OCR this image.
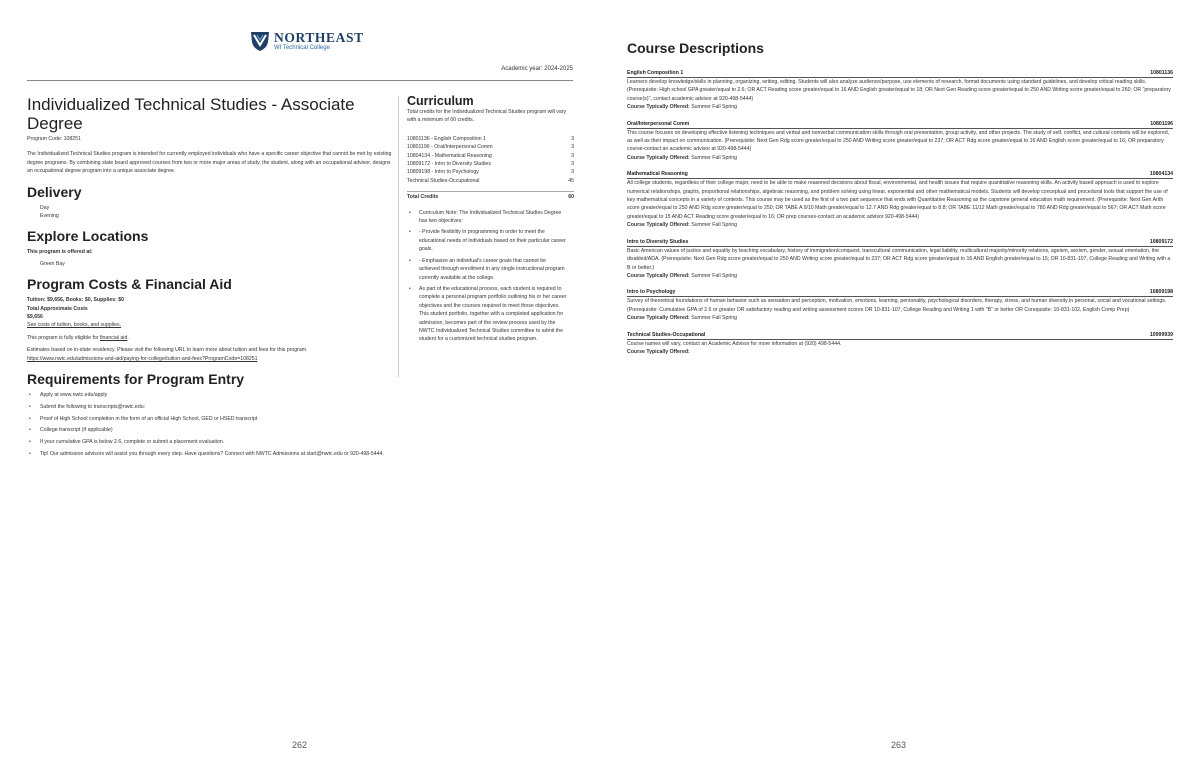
NORTHEAST
WI Technical College
Academic year: 2024-2025
Individualized Technical Studies - Associate Degree
Program Code: 108251

The Individualized Technical Studies program is intended for currently employed individuals who have a specific career objective that cannot be met by existing degree programs. By combining state board approved courses from two or more major areas of study, the student, along with an occupational advisor, designs an occupational degree program into a unique associate degree.

Delivery
Day
Evening
Explore Locations
This program is offered at:
Green Bay
Program Costs & Financial Aid
Tuition: $9,656, Books: $0, Supplies: $0
Total Approximate Costs
$9,656
See costs of tuition, books, and supplies.
This program is fully eligible for financial aid.
Estimates based on in-state residency. Please visit the following URL to learn more about tuition and fees for this program.
https://www.nwtc.edu/admissions-and-aid/paying-for-college/tuition-and-fees?ProgramCode=108251
Requirements for Program Entry
• Apply at www.nwtc.edu/apply
• Submit the following to transcripts@nwtc.edu:
• Proof of High School completion in the form of an official High School, GED or HSED transcript
• College transcript (if applicable)
• If your cumulative GPA is below 2.6, complete or submit a placement evaluation.
• Tip! Our admission advisors will assist you through every step. Have questions? Connect with NWTC Admissions at start@nwtc.edu or 920-498-5444.
Curriculum
Total credits for the Individualized Technical Studies program will vary with a minimum of 60 credits.
10801136 - English Composition 1	3
10801196 - Oral/Interpersonal Comm	3
10804134 - Mathematical Reasoning	3
10809172 - Intro to Diversity Studies	3
10809198 - Intro to Psychology	3
Technical Studies-Occupational	45
Total Credits	60
• Curriculum Note: The Individualized Technical Studies Degree has two objectives:
• - Provide flexibility in programming in order to meet the educational needs of individuals based on their particular career goals.
• - Emphasize an individual's career goals that cannot be achieved through enrollment in any single instructional program currently available at the college.
• As part of the educational process, each student is required to complete a personal program portfolio outlining his or her career objectives and the courses required to meet those objectives. This student portfolio, together with a completed application for admission, becomes part of the review process used by the NWTC Individualized Technical Studies committee to admit the student for a customized technical studies program.
262
Course Descriptions
English Composition 1	10801136
Learners develop knowledge/skills in planning, organizing, writing, editing. Students will also analyze audience/purpose, use elements of research, format documents using standard guidelines, and develop critical reading skills. (Prerequisite: High school GPA greater/equal to 2.6; OR ACT Reading score greater/equal to 16 AND English greater/equal to 18; OR Next Gen Reading score greater/equal to 250 AND Writing score greater/equal to 260; OR "preparatory course(s)", contact academic advisor at 920-498-5444)
Course Typically Offered: Summer Fall Spring
Oral/Interpersonal Comm	10801196
This course focuses on developing effective listening techniques and verbal and nonverbal communication skills through oral presentation, group activity, and other projects. The study of self, conflict, and cultural contexts will be explored, as well as their impact on communication. (Prerequisite: Next Gen Rdg score greater/equal to 250 AND Writing score greater/equal to 237; OR ACT Rdg score greater/equal to 16 AND English score greater/equal to 16; OR preparatory course-contact an academic advisor at 920-498-5444)
Course Typically Offered: Summer Fall Spring
Mathematical Reasoning	10804134
All college students, regardless of their college major, need to be able to make reasoned decisions about fiscal, environmental, and health issues that require quantitative reasoning skills. An activity based approach is used to explore numerical relationships, graphs, proportional relationships, algebraic reasoning, and problem solving using linear, exponential and other mathematical models. Students will develop conceptual and procedural tools that support the use of key mathematical concepts in a variety of contexts. This course may be used as the first of a two part sequence that ends with Quantitative Reasoning as the capstone general education math requirement. (Prerequisite: Next Gen Arith score greater/equal to 250 AND Rdg score greater/equal to 250; OR TABE A 9/10 Math greater/equal to 12.7 AND Rdg greater/equal to 8.8; OR TABE 11/12 Math greater/equal to 780 AND Rdg greater/equal to 567; OR ACT Math score greater/equal to 15 AND ACT Reading score greater/equal to 16; OR prep courses-contact an academic advisor 920-498-5444)
Course Typically Offered: Summer Fall Spring
Intro to Diversity Studies	10809172
Basic American values of justice and equality by teaching vocabulary, history of immigration/conquest, transcultural communication, legal liability, multicultural majority/minority relations, ageism, sexism, gender, sexual orientation, the disabled/ADA. (Prerequisite: Next Gen Rdg score greater/equal to 250 AND Writing score greater/equal to 237; OR ACT Rdg score greater/equal to 16 AND English greater/equal to 15; OR 10-831-107, College Reading and Writing with a B or better.)
Course Typically Offered: Summer Fall Spring
Intro to Psychology	10809198
Survey of theoretical foundations of human behavior such as sensation and perception, motivation, emotions, learning, personality, psychological disorders, therapy, stress, and human diversity in personal, social and vocational settings. (Prerequisite: Cumulative GPA of 2.6 or greater OR satisfactory reading and writing assessment scores OR 10-831-107, College Reading and Writing 1 with "B" or better OR Corequisite: 10-831-102, English Comp Prep)
Course Typically Offered: Summer Fall Spring
Technical Studies-Occupational	10999939
Course names will vary, contact an Academic Advisor for more information at (920) 498-5444.
Course Typically Offered:
263
